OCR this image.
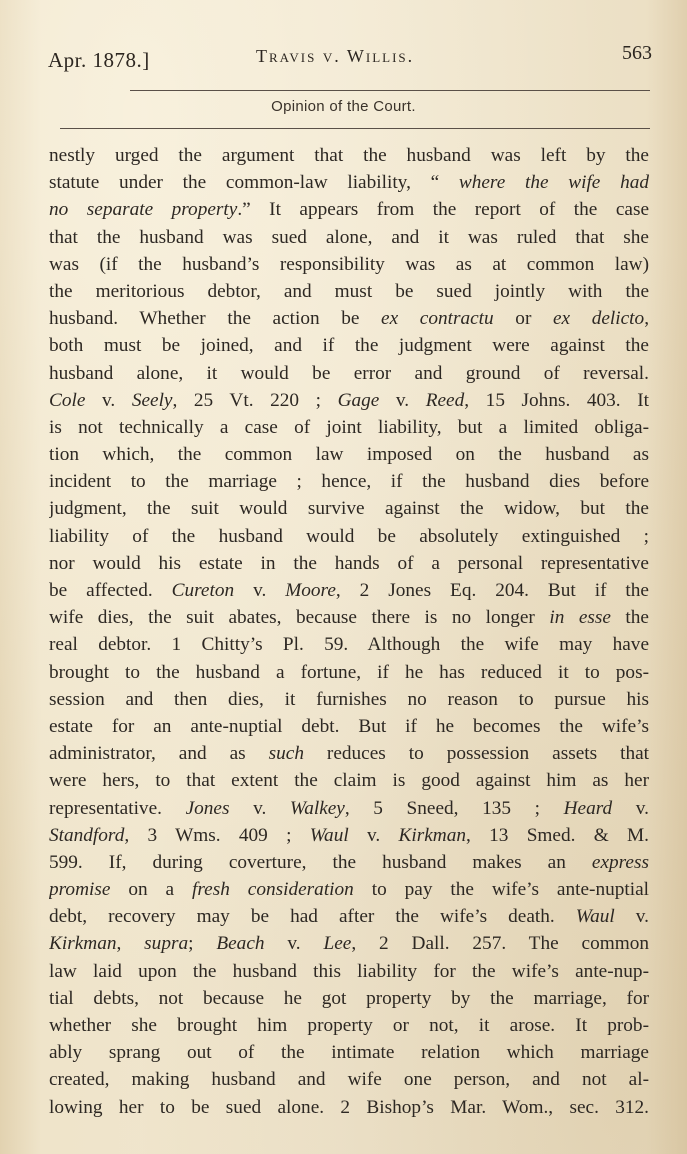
Apr. 1878.]	Travis v. Willis.	563
Opinion of the Court.
nestly urged the argument that the husband was left by the
statute under the common-law liability, “ where the wife had
no separate property.” It appears from the report of the case
that the husband was sued alone, and it was ruled that she
was (if the husband’s responsibility was as at common law)
the meritorious debtor, and must be sued jointly with the
husband. Whether the action be ex contractu or ex delicto,
both must be joined, and if the judgment were against the
husband alone, it would be error and ground of reversal.
Cole v. Seely, 25 Vt. 220 ; Gage v. Reed, 15 Johns. 403. It
is not technically a case of joint liability, but a limited obliga-
tion which, the common law imposed on the husband as
incident to the marriage ; hence, if the husband dies before
judgment, the suit would survive against the widow, but the
liability of the husband would be absolutely extinguished ;
nor would his estate in the hands of a personal representative
be affected. Cureton v. Moore, 2 Jones Eq. 204. But if the
wife dies, the suit abates, because there is no longer in esse the
real debtor. 1 Chitty’s Pl. 59. Although the wife may have
brought to the husband a fortune, if he has reduced it to pos-
session and then dies, it furnishes no reason to pursue his
estate for an ante-nuptial debt. But if he becomes the wife’s
administrator, and as such reduces to possession assets that
were hers, to that extent the claim is good against him as her
representative. Jones v. Walkey, 5 Sneed, 135 ; Heard v.
Standford, 3 Wms. 409 ; Waul v. Kirkman, 13 Smed. & M.
599. If, during coverture, the husband makes an express
promise on a fresh consideration to pay the wife’s ante-nuptial
debt, recovery may be had after the wife’s death. Waul v.
Kirkman, supra; Beach v. Lee, 2 Dall. 257. The common
law laid upon the husband this liability for the wife’s ante-nup-
tial debts, not because he got property by the marriage, for
whether she brought him property or not, it arose. It prob-
ably sprang out of the intimate relation which marriage
created, making husband and wife one person, and not al-
lowing her to be sued alone. 2 Bishop’s Mar. Wom., sec. 312.
